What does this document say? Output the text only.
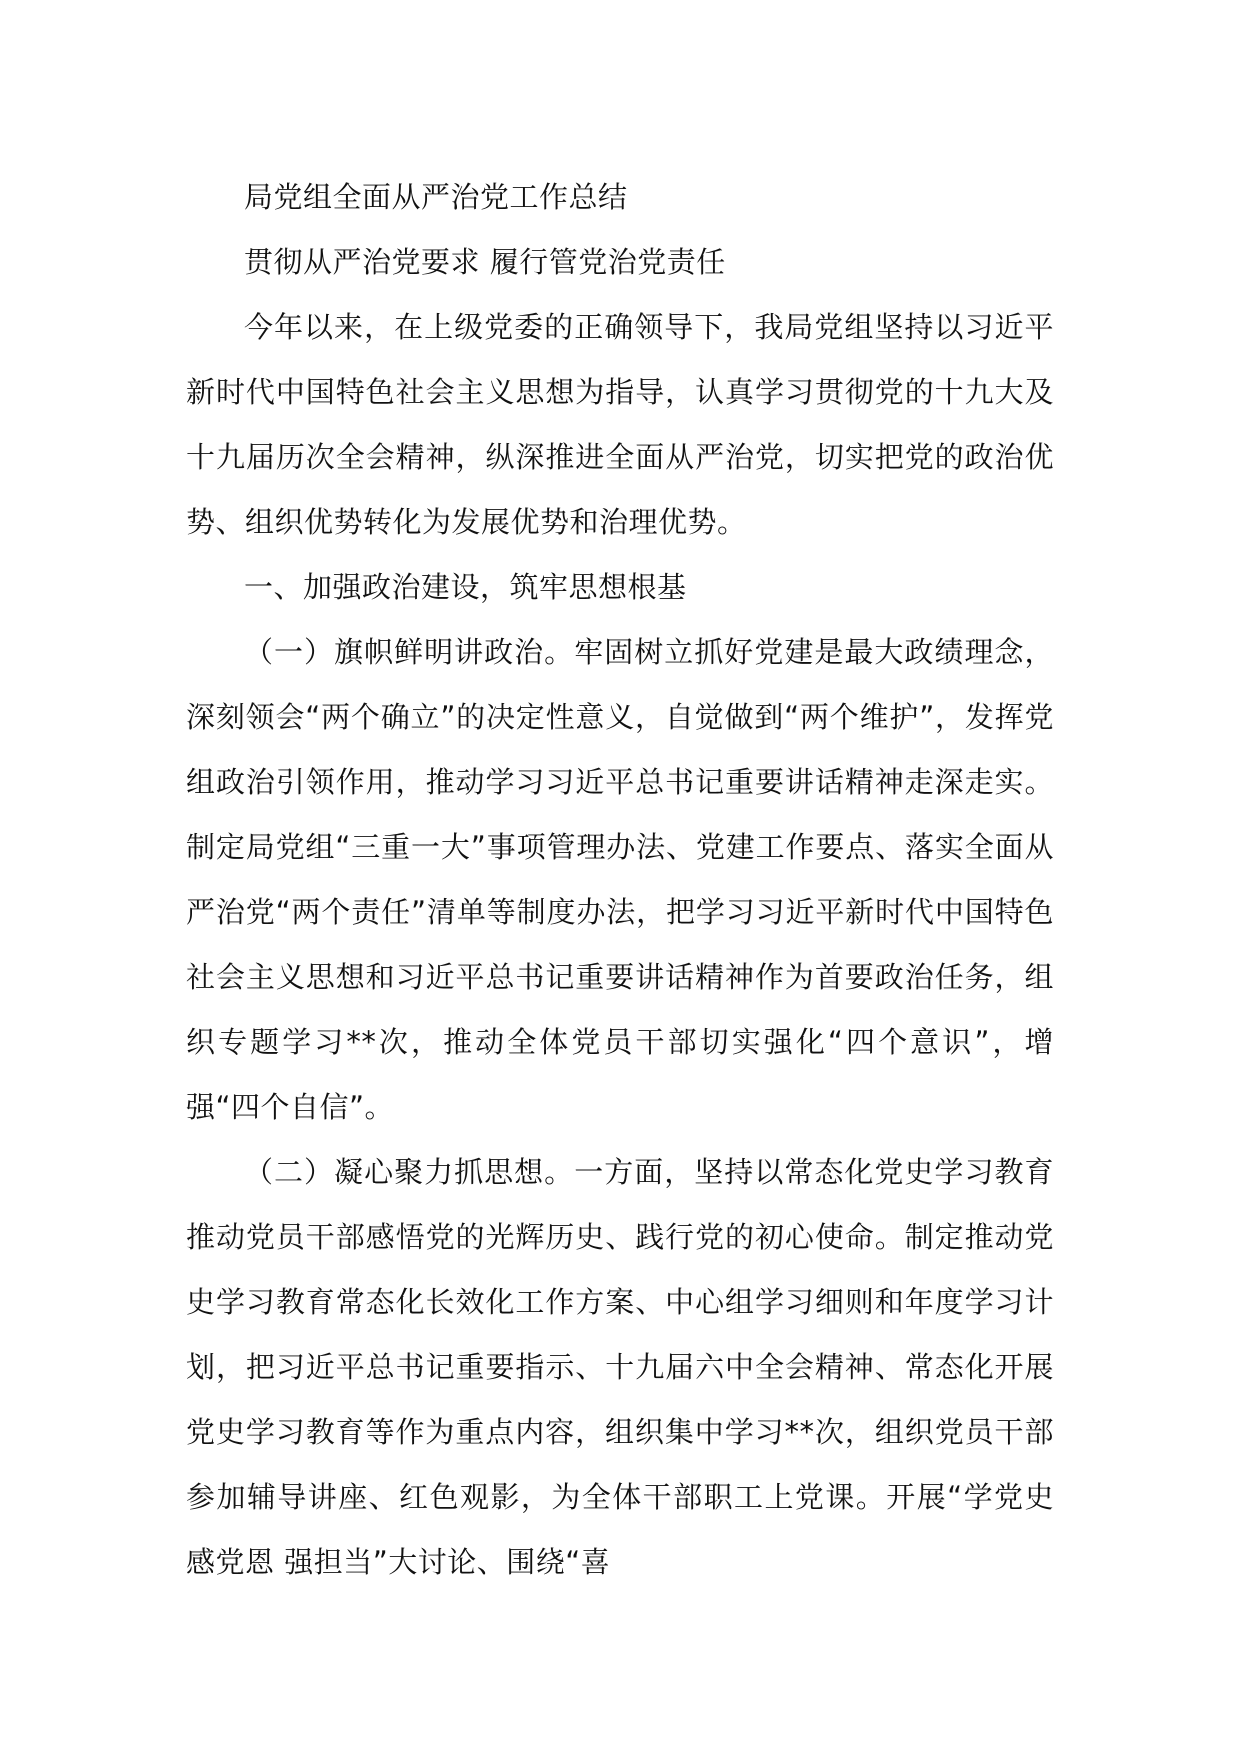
局党组全面从严治党工作总结

贯彻从严治党要求 履行管党治党责任

今年以来，在上级党委的正确领导下，我局党组坚持以习近平新时代中国特色社会主义思想为指导，认真学习贯彻党的十九大及十九届历次全会精神，纵深推进全面从严治党，切实把党的政治优势、组织优势转化为发展优势和治理优势。

一、加强政治建设，筑牢思想根基

（一）旗帜鲜明讲政治。牢固树立抓好党建是最大政绩理念，深刻领会“两个确立”的决定性意义，自觉做到“两个维护”，发挥党组政治引领作用，推动学习习近平总书记重要讲话精神走深走实。制定局党组“三重一大”事项管理办法、党建工作要点、落实全面从严治党“两个责任”清单等制度办法，把学习习近平新时代中国特色社会主义思想和习近平总书记重要讲话精神作为首要政治任务，组织专题学习**次，推动全体党员干部切实强化“四个意识”，增强“四个自信”。

（二）凝心聚力抓思想。一方面，坚持以常态化党史学习教育推动党员干部感悟党的光辉历史、践行党的初心使命。制定推动党史学习教育常态化长效化工作方案、中心组学习细则和年度学习计划，把习近平总书记重要指示、十九届六中全会精神、常态化开展党史学习教育等作为重点内容，组织集中学习**次，组织党员干部参加辅导讲座、红色观影，为全体干部职工上党课。开展“学党史 感党恩 强担当”大讨论、围绕“喜
